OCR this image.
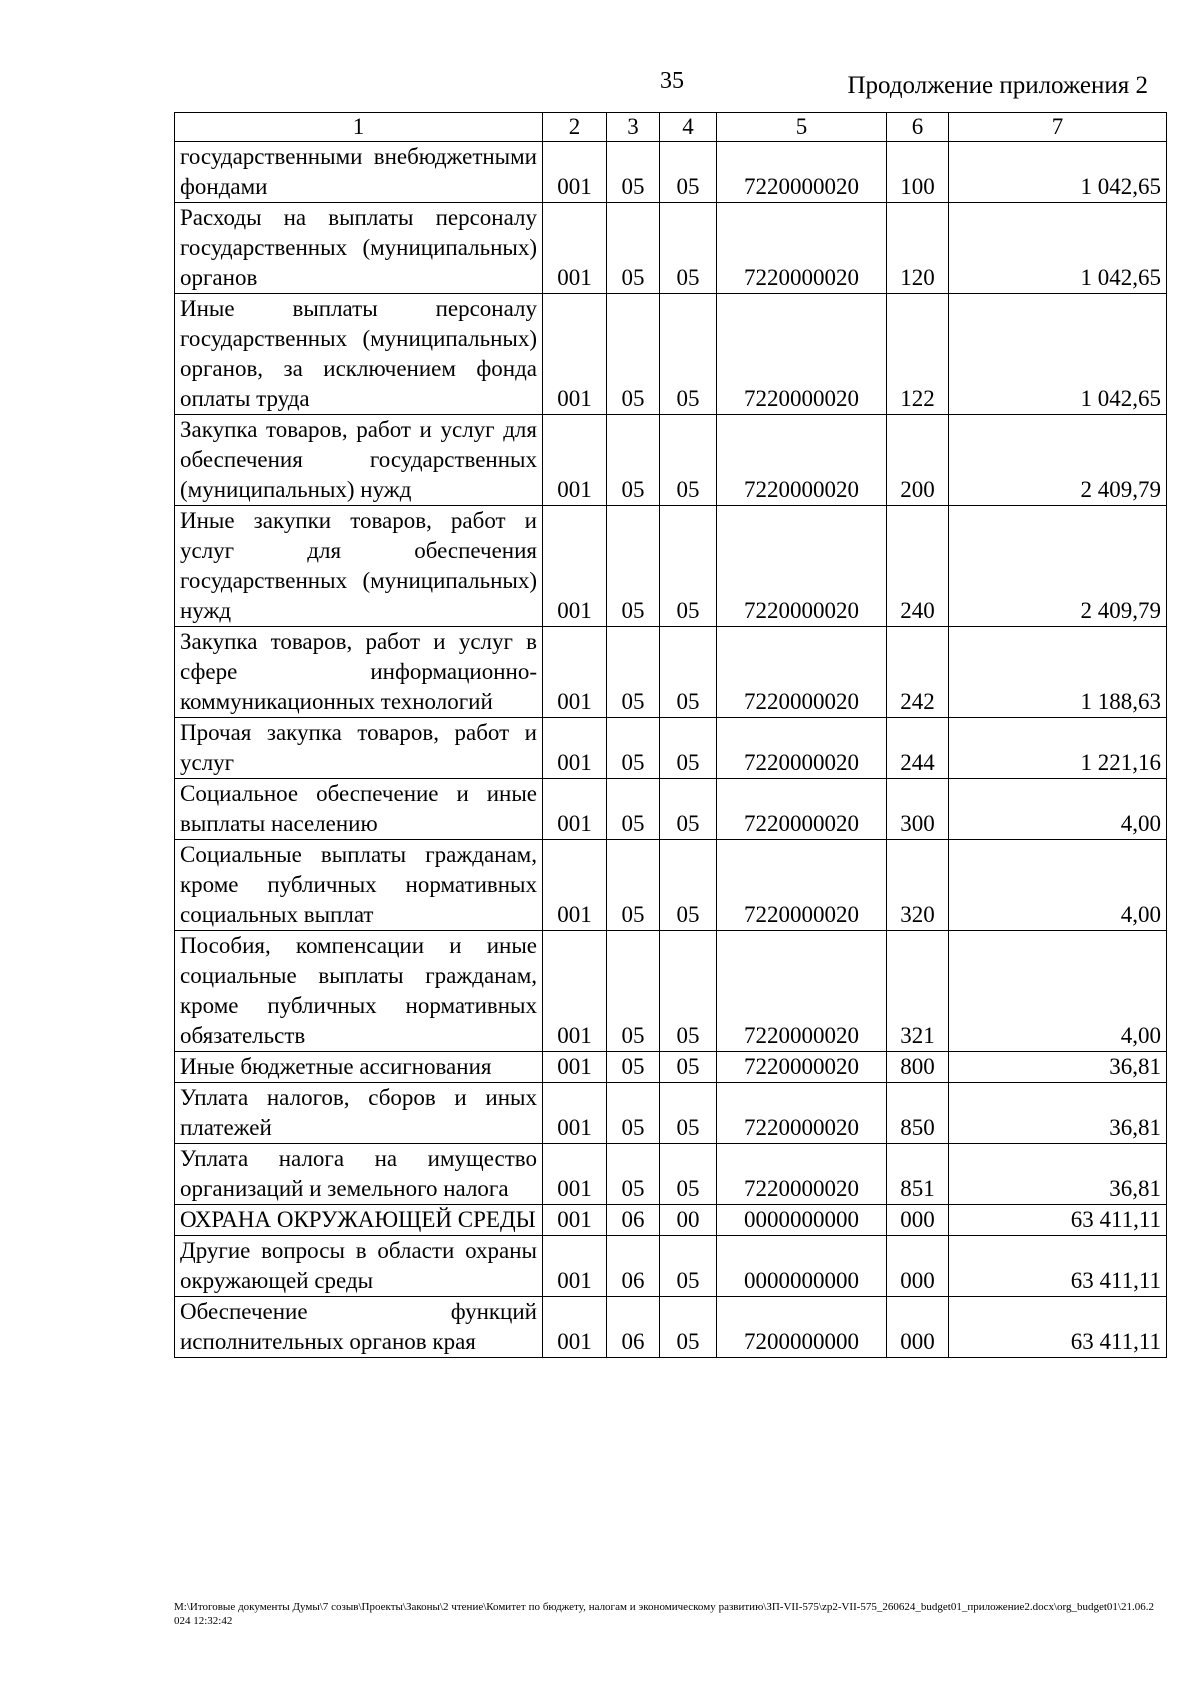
35	Продолжение приложения 2
1	2	3	4	5	6	7
государственными внебюджетными фондами	001	05	05	7220000020	100	1 042,65
Расходы на выплаты персоналу государственных (муниципальных) органов	001	05	05	7220000020	120	1 042,65
Иные выплаты персоналу государственных (муниципальных) органов, за исключением фонда оплаты труда	001	05	05	7220000020	122	1 042,65
Закупка товаров, работ и услуг для обеспечения государственных (муниципальных) нужд	001	05	05	7220000020	200	2 409,79
Иные закупки товаров, работ и услуг для обеспечения государственных (муниципальных) нужд	001	05	05	7220000020	240	2 409,79
Закупка товаров, работ и услуг в сфере информационно-коммуникационных технологий	001	05	05	7220000020	242	1 188,63
Прочая закупка товаров, работ и услуг	001	05	05	7220000020	244	1 221,16
Социальное обеспечение и иные выплаты населению	001	05	05	7220000020	300	4,00
Социальные выплаты гражданам, кроме публичных нормативных социальных выплат	001	05	05	7220000020	320	4,00
Пособия, компенсации и иные социальные выплаты гражданам, кроме публичных нормативных обязательств	001	05	05	7220000020	321	4,00
Иные бюджетные ассигнования	001	05	05	7220000020	800	36,81
Уплата налогов, сборов и иных платежей	001	05	05	7220000020	850	36,81
Уплата налога на имущество организаций и земельного налога	001	05	05	7220000020	851	36,81
ОХРАНА ОКРУЖАЮЩЕЙ СРЕДЫ	001	06	00	0000000000	000	63 411,11
Другие вопросы в области охраны окружающей среды	001	06	05	0000000000	000	63 411,11
Обеспечение функций исполнительных органов края	001	06	05	7200000000	000	63 411,11
M:\Итоговые документы Думы\7 созыв\Проекты\Законы\2 чтение\Комитет по бюджету, налогам и экономическому развитию\ЗП-VII-575\zp2-VII-575_260624_budget01_приложение2.docx\org_budget01\21.06.2024 12:32:42
